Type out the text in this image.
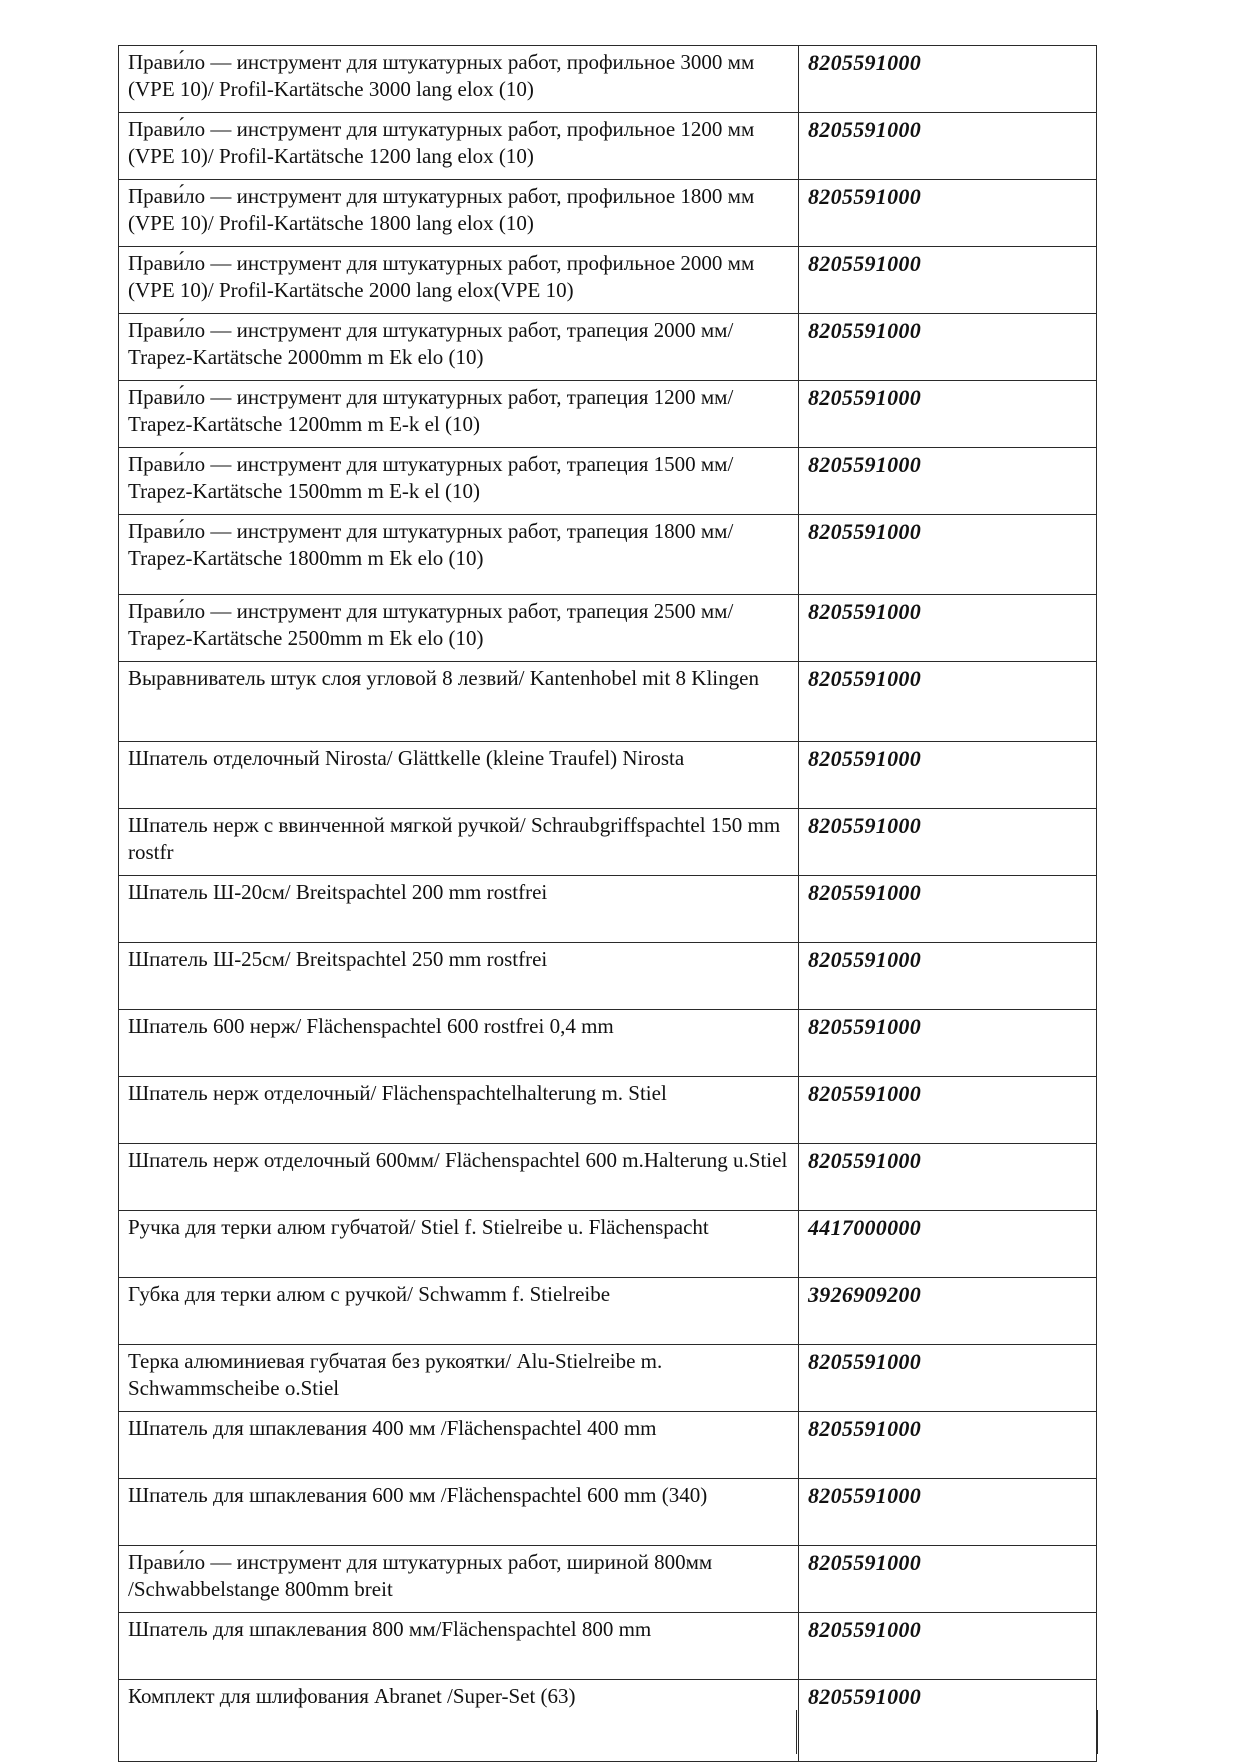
Прави́ло — инструмент для штукатурных работ, профильное 3000 мм (VPE 10)/ Profil-Kartätsche 3000 lang elox (10)	8205591000
Прави́ло — инструмент для штукатурных работ, профильное 1200 мм (VPE 10)/ Profil-Kartätsche 1200 lang elox (10)	8205591000
Прави́ло — инструмент для штукатурных работ, профильное 1800 мм (VPE 10)/ Profil-Kartätsche 1800 lang elox (10)	8205591000
Прави́ло — инструмент для штукатурных работ, профильное 2000 мм (VPE 10)/ Profil-Kartätsche 2000 lang elox(VPE 10)	8205591000
Прави́ло — инструмент для штукатурных работ, трапеция 2000 мм/ Trapez-Kartätsche 2000mm m Ek elo (10)	8205591000
Прави́ло — инструмент для штукатурных работ, трапеция 1200 мм/ Trapez-Kartätsche 1200mm m E-k el (10)	8205591000
Прави́ло — инструмент для штукатурных работ, трапеция 1500 мм/ Trapez-Kartätsche 1500mm m E-k el (10)	8205591000
Прави́ло — инструмент для штукатурных работ, трапеция 1800 мм/ Trapez-Kartätsche 1800mm m Ek elo (10)	8205591000
Прави́ло — инструмент для штукатурных работ, трапеция 2500 мм/ Trapez-Kartätsche 2500mm m Ek elo (10)	8205591000
Выравниватель штук слоя угловой 8 лезвий/ Kantenhobel mit 8 Klingen	8205591000
Шпатель отделочный Nirosta/ Glättkelle (kleine Traufel) Nirosta	8205591000
Шпатель нерж с ввинченной мягкой ручкой/ Schraubgriffspachtel 150 mm rostfr	8205591000
Шпатель Ш-20см/ Breitspachtel 200 mm rostfrei	8205591000
Шпатель Ш-25см/ Breitspachtel 250 mm rostfrei	8205591000
Шпатель 600 нерж/ Flächenspachtel 600 rostfrei 0,4 mm	8205591000
Шпатель нерж отделочный/ Flächenspachtelhalterung m. Stiel	8205591000
Шпатель нерж отделочный 600мм/ Flächenspachtel 600 m.Halterung u.Stiel	8205591000
Ручка для терки алюм губчатой/ Stiel f. Stielreibe u. Flächenspacht	4417000000
Губка для терки алюм с ручкой/ Schwamm f. Stielreibe	3926909200
Терка алюминиевая губчатая без рукоятки/ Alu-Stielreibe m. Schwammscheibe o.Stiel	8205591000
Шпатель для шпаклевания 400 мм /Flächenspachtel 400 mm	8205591000
Шпатель для шпаклевания 600 мм /Flächenspachtel 600 mm (340)	8205591000
Прави́ло — инструмент для штукатурных работ, шириной 800мм /Schwabbelstange 800mm breit	8205591000
Шпатель для шпаклевания 800 мм/Flächenspachtel 800 mm	8205591000
Комплект для шлифования Abranet /Super-Set (63)	8205591000
